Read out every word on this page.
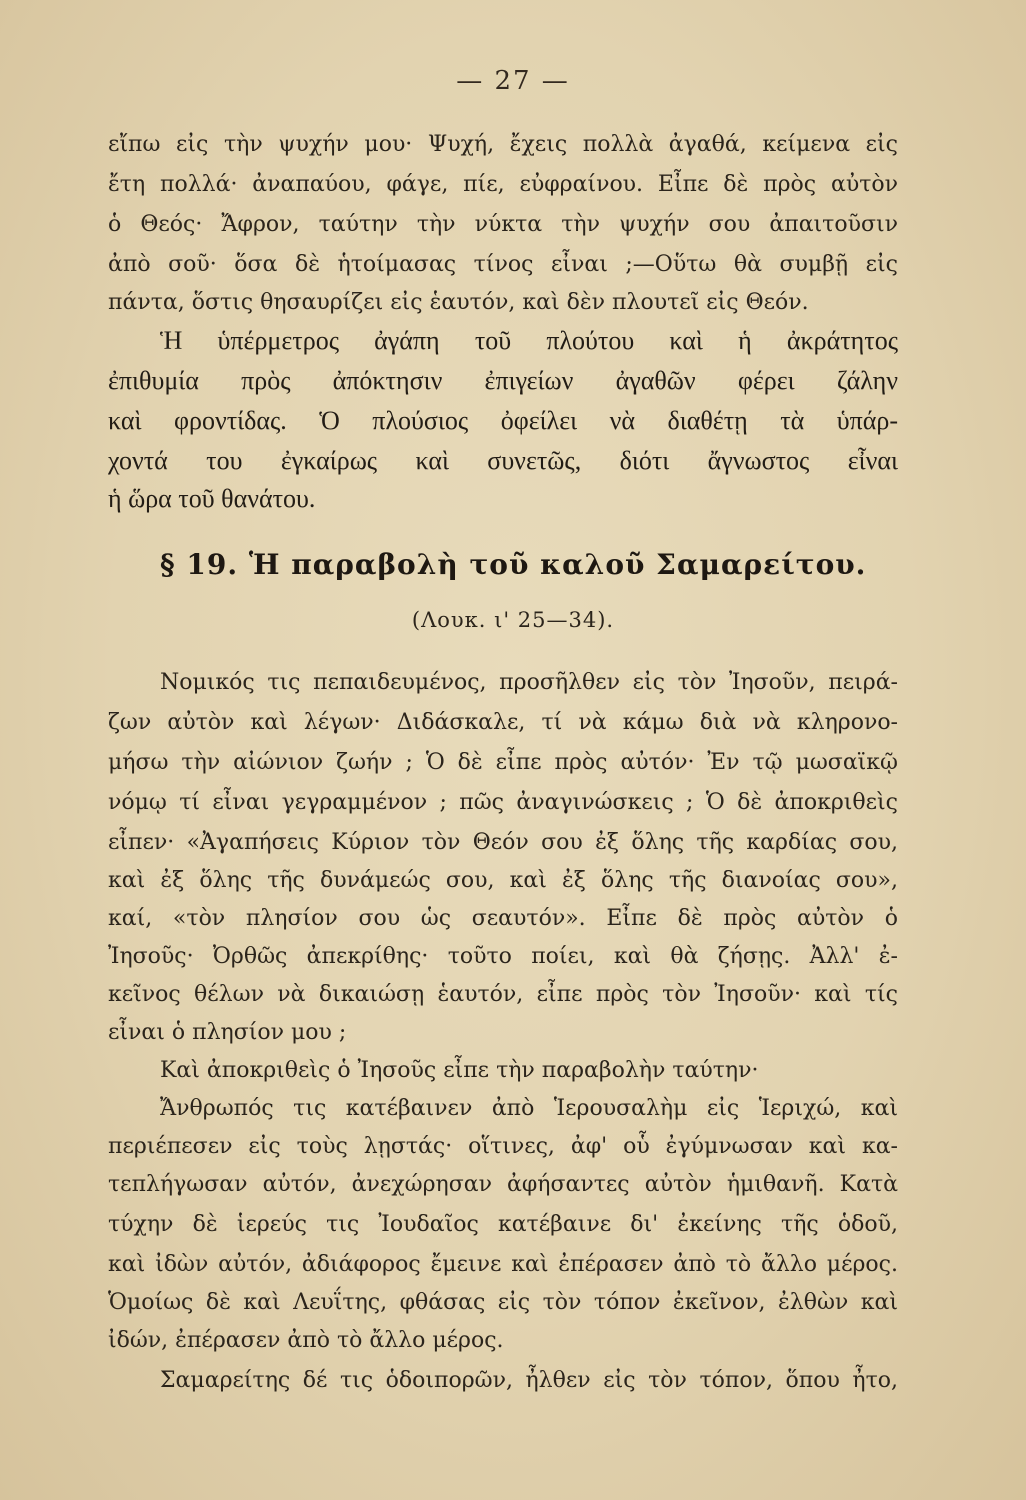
— 27 —
εἴπω εἰς τὴν ψυχήν μου· Ψυχή, ἔχεις πολλὰ ἀγαθά, κείμενα εἰς
ἔτη πολλά· ἀναπαύου, φάγε, πίε, εὐφραίνου. Εἶπε δὲ πρὸς αὐτὸν
ὁ Θεός· Ἄφρον, ταύτην τὴν νύκτα τὴν ψυχήν σου ἀπαιτοῦσιν
ἀπὸ σοῦ· ὅσα δὲ ἡτοίμασας τίνος εἶναι ;—Οὕτω θὰ συμβῇ εἰς
πάντα, ὅστις θησαυρίζει εἰς ἑαυτόν, καὶ δὲν πλουτεῖ εἰς Θεόν.
Ἡ ὑπέρμετρος ἀγάπη τοῦ πλούτου καὶ ἡ ἀκράτητος
ἐπιθυμία πρὸς ἀπόκτησιν ἐπιγείων ἀγαθῶν φέρει ζάλην
καὶ φροντίδας. Ὁ πλούσιος ὀφείλει νὰ διαθέτῃ τὰ ὑπάρ-
χοντά του ἐγκαίρως καὶ συνετῶς, διότι ἄγνωστος εἶναι
ἡ ὥρα τοῦ θανάτου.
§ 19. Ἡ παραβολὴ τοῦ καλοῦ Σαμαρείτου.
(Λουκ. ι' 25—34).
Νομικός τις πεπαιδευμένος, προσῆλθεν εἰς τὸν Ἰησοῦν, πειρά-
ζων αὐτὸν καὶ λέγων· Διδάσκαλε, τί νὰ κάμω διὰ νὰ κληρονο-
μήσω τὴν αἰώνιον ζωήν ; Ὁ δὲ εἶπε πρὸς αὐτόν· Ἐν τῷ μωσαϊκῷ
νόμῳ τί εἶναι γεγραμμένον ; πῶς ἀναγινώσκεις ; Ὁ δὲ ἀποκριθεὶς
εἶπεν· «Ἀγαπήσεις Κύριον τὸν Θεόν σου ἐξ ὅλης τῆς καρδίας σου,
καὶ ἐξ ὅλης τῆς δυνάμεώς σου, καὶ ἐξ ὅλης τῆς διανοίας σου»,
καί, «τὸν πλησίον σου ὡς σεαυτόν». Εἶπε δὲ πρὸς αὐτὸν ὁ
Ἰησοῦς· Ὀρθῶς ἀπεκρίθης· τοῦτο ποίει, καὶ θὰ ζήσῃς. Ἀλλ' ἐ-
κεῖνος θέλων νὰ δικαιώσῃ ἑαυτόν, εἶπε πρὸς τὸν Ἰησοῦν· καὶ τίς
εἶναι ὁ πλησίον μου ;
Καὶ ἀποκριθεὶς ὁ Ἰησοῦς εἶπε τὴν παραβολὴν ταύτην·
Ἄνθρωπός τις κατέβαινεν ἀπὸ Ἱερουσαλὴμ εἰς Ἱεριχώ, καὶ
περιέπεσεν εἰς τοὺς λῃστάς· οἵτινες, ἀφ' οὗ ἐγύμνωσαν καὶ κα-
τεπλήγωσαν αὐτόν, ἀνεχώρησαν ἀφήσαντες αὐτὸν ἡμιθανῆ. Κατὰ
τύχην δὲ ἱερεύς τις Ἰουδαῖος κατέβαινε δι' ἐκείνης τῆς ὁδοῦ,
καὶ ἰδὼν αὐτόν, ἀδιάφορος ἔμεινε καὶ ἐπέρασεν ἀπὸ τὸ ἄλλο μέρος.
Ὁμοίως δὲ καὶ Λευΐτης, φθάσας εἰς τὸν τόπον ἐκεῖνον, ἐλθὼν καὶ
ἰδών, ἐπέρασεν ἀπὸ τὸ ἄλλο μέρος.
Σαμαρείτης δέ τις ὁδοιπορῶν, ἦλθεν εἰς τὸν τόπον, ὅπου ἦτο,
